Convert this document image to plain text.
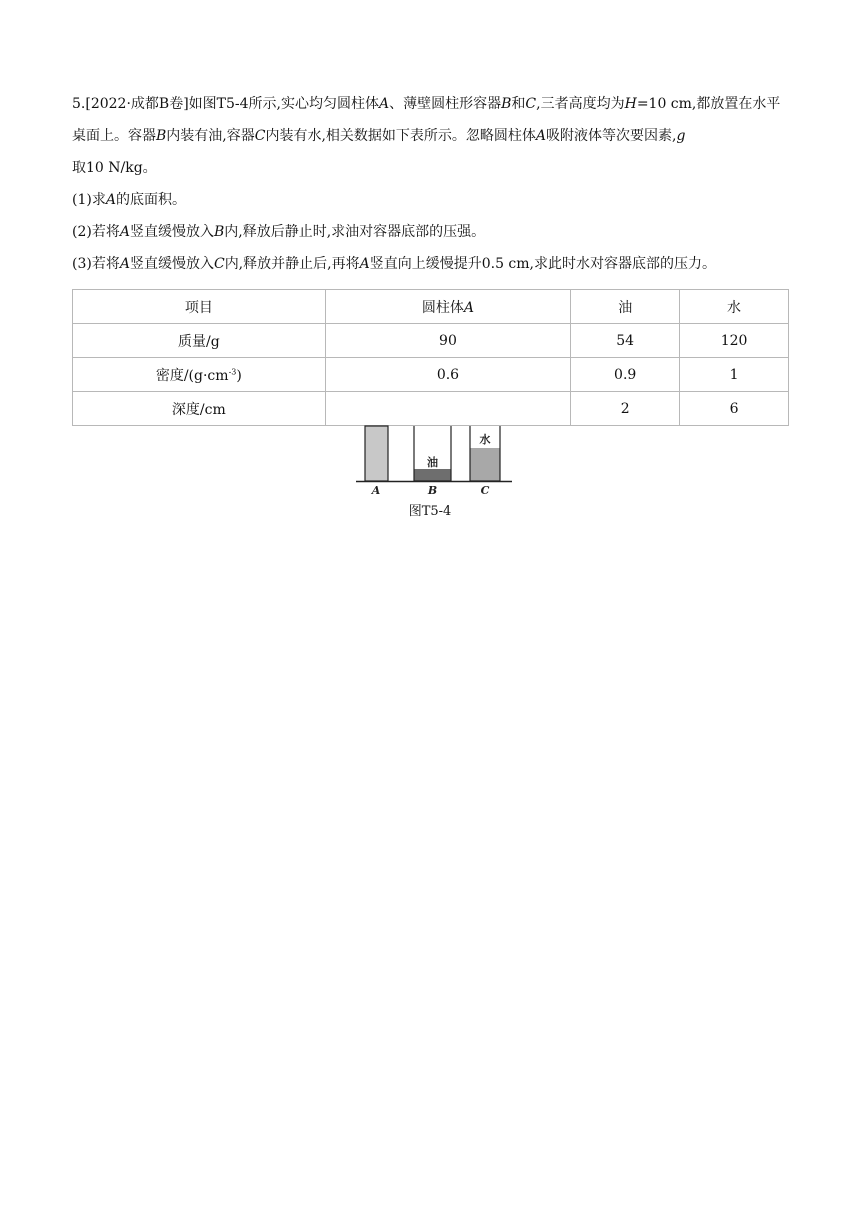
5.[2022·成都B卷]如图T5-4所示,实心均匀圆柱体A、薄壁圆柱形容器B和C,三者高度均为H=10 cm,都放置在水平桌面上。容器B内装有油,容器C内装有水,相关数据如下表所示。忽略圆柱体A吸附液体等次要因素,g
取10 N/kg。

(1)求A的底面积。

(2)若将A竖直缓慢放入B内,释放后静止时,求油对容器底部的压强。

(3)若将A竖直缓慢放入C内,释放并静止后,再将A竖直向上缓慢提升0.5 cm,求此时水对容器底部的压力。

项目	圆柱体A	油	水
质量/g	90	54	120
密度$/(g\cdot cm^{-3})$	0.6	0.9	1
深度/cm		2	6
油
水
A	B	C
图T5-4
